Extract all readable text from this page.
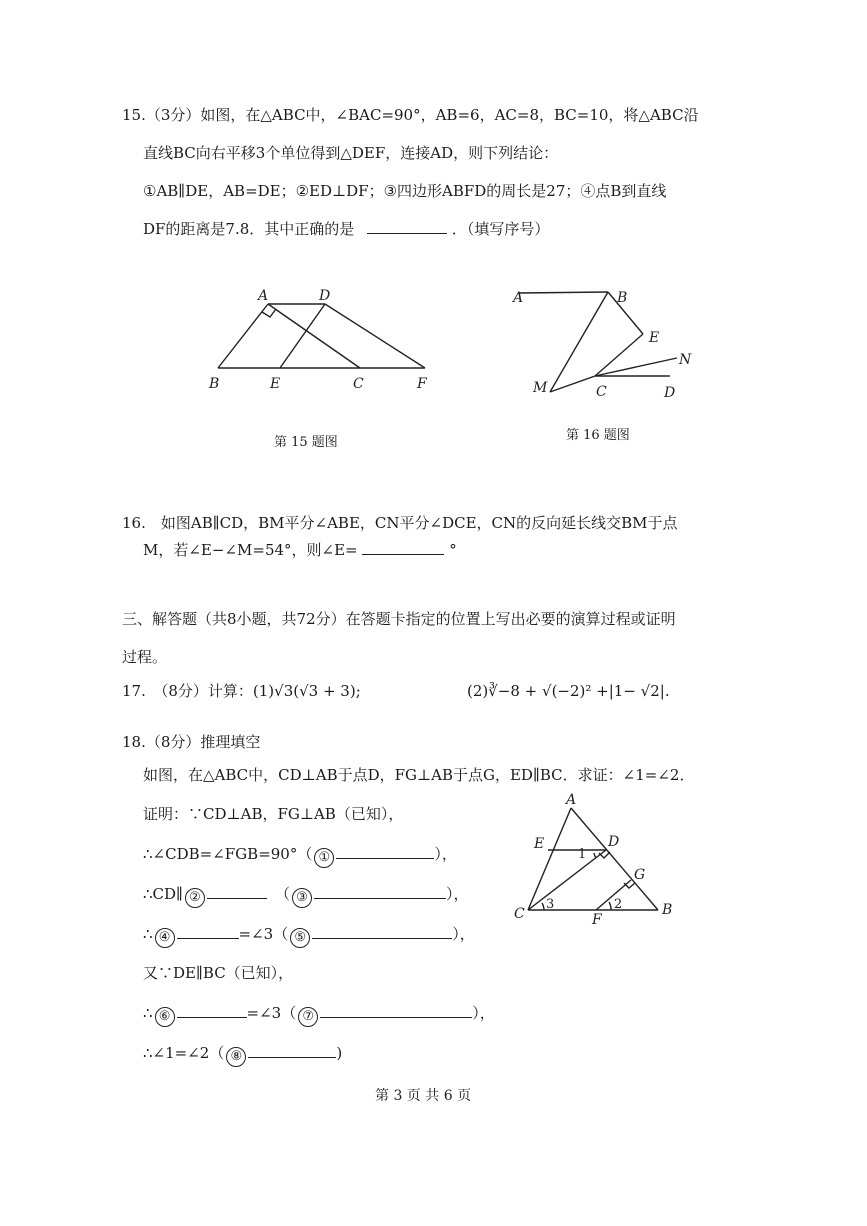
15.（3分）如图，在△ABC中，∠BAC=90°，AB=6，AC=8，BC=10，将△ABC沿
直线BC向右平移3个单位得到△DEF，连接AD，则下列结论：
①AB∥DE，AB=DE；②ED⊥DF；③四边形ABFD的周长是27；④点B到直线
DF的距离是7.8．其中正确的是	．（填写序号）
A	D
B	E	C	F
第 15 题图
A	B
E
N
M	C	D
第 16 题图
16.　如图AB∥CD，BM平分∠ABE，CN平分∠DCE，CN的反向延长线交BM于点
M，若∠E−∠M=54°，则∠E=	°
三、解答题（共8小题，共72分）在答题卡指定的位置上写出必要的演算过程或证明
过程。
17.　（8分）计算：(1)√3(√3 + 3);	(2)∛−8 + √(−2)² +|1− √2|.
18.（8分）推理填空
如图，在△ABC中，CD⊥AB于点D，FG⊥AB于点G，ED∥BC．求证：∠1=∠2．
证明：∵CD⊥AB，FG⊥AB（已知），
∴∠CDB=∠FGB=90°（ ①	），
∴CD∥ ②	（ ③	），
∴ ④	=∠3（ ⑤	），
又∵DE∥BC（已知），
∴ ⑥	=∠3（ ⑦	），
∴∠1=∠2（ ⑧	)
A
E	D
1
G
C
3
F
2	B
第 3 页 共 6 页
